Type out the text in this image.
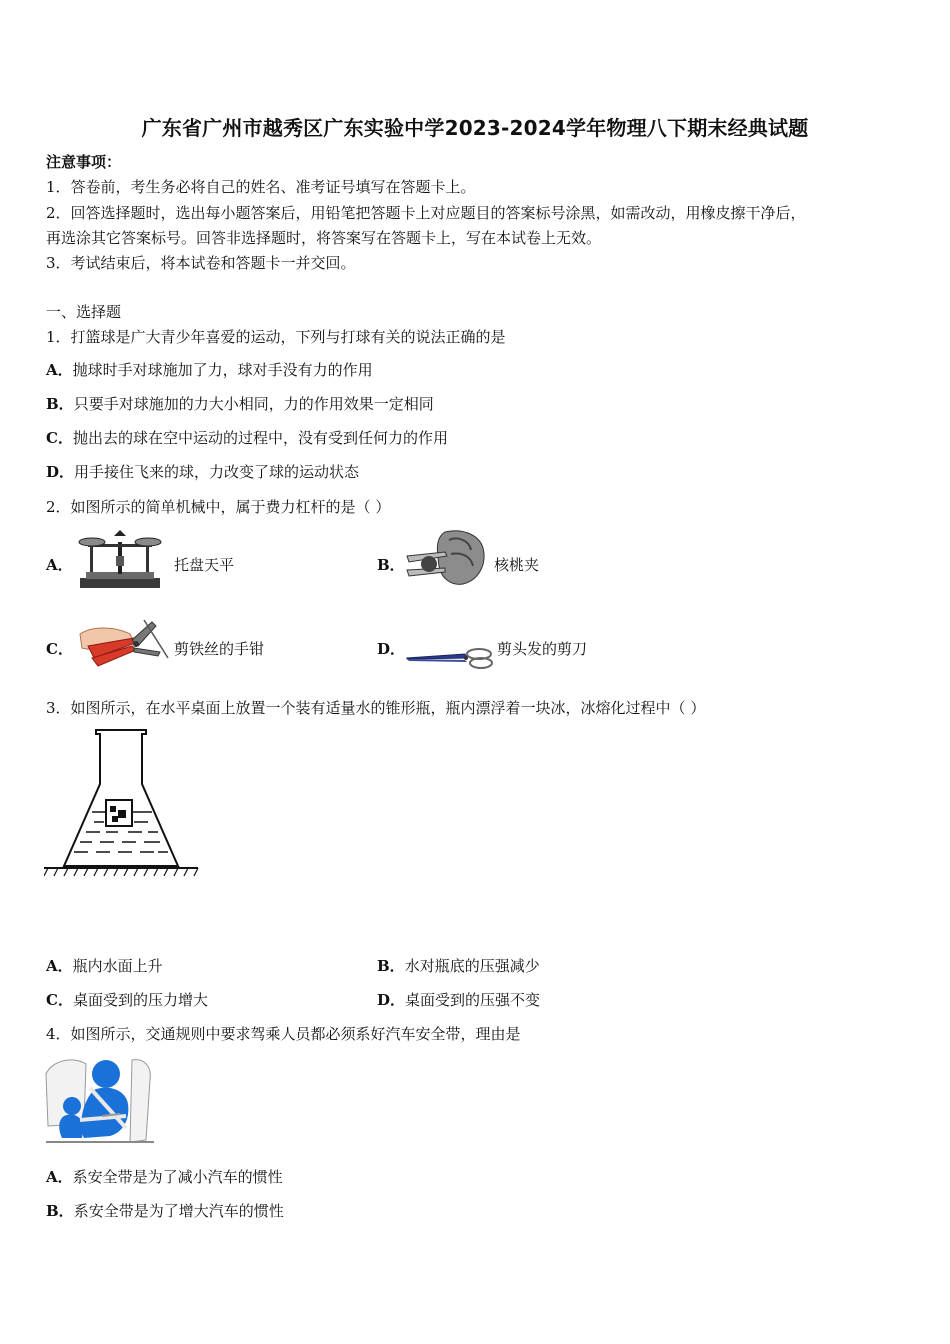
广东省广州市越秀区广东实验中学2023-2024学年物理八下期末经典试题
注意事项：
1．答卷前，考生务必将自己的姓名、准考证号填写在答题卡上。
2．回答选择题时，选出每小题答案后，用铅笔把答题卡上对应题目的答案标号涂黑，如需改动，用橡皮擦干净后，
再选涂其它答案标号。回答非选择题时，将答案写在答题卡上，写在本试卷上无效。
3．考试结束后，将本试卷和答题卡一并交回。
一、选择题
1．打篮球是广大青少年喜爱的运动，下列与打球有关的说法正确的是
A．抛球时手对球施加了力，球对手没有力的作用
B．只要手对球施加的力大小相同，力的作用效果一定相同
C．抛出去的球在空中运动的过程中，没有受到任何力的作用
D．用手接住飞来的球，力改变了球的运动状态
2．如图所示的简单机械中，属于费力杠杆的是（ ）
A．	托盘天平	B．	核桃夹
C．	剪铁丝的手钳	D．	剪头发的剪刀
3．如图所示，在水平桌面上放置一个装有适量水的锥形瓶，瓶内漂浮着一块冰，冰熔化过程中（ ）
A．瓶内水面上升	B．水对瓶底的压强减少
C．桌面受到的压力增大	D．桌面受到的压强不变
4．如图所示，交通规则中要求驾乘人员都必须系好汽车安全带，理由是
A．系安全带是为了减小汽车的惯性
B．系安全带是为了增大汽车的惯性
